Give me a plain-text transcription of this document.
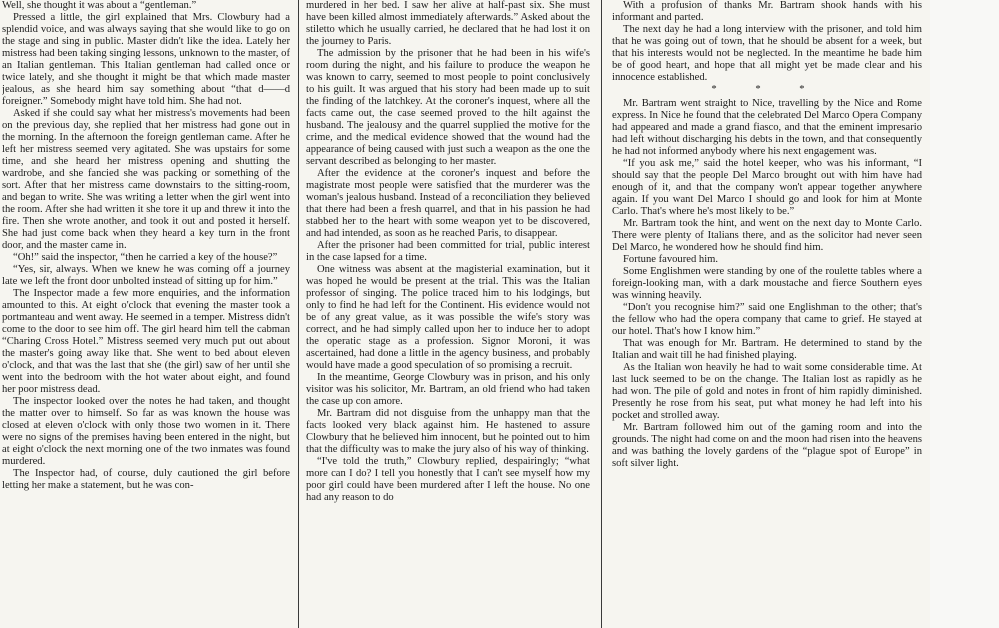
Well, she thought it was about a “gentleman.”

Pressed a little, the girl explained that Mrs. Clowbury had a splendid voice, and was always saying that she would like to go on the stage and sing in public. Master didn't like the idea. Lately her mistress had been taking singing lessons, unknown to the master, of an Italian gentleman. This Italian gentleman had called once or twice lately, and she thought it might be that which made master jealous, as she heard him say something about “that d——d foreigner.” Somebody might have told him. She had not.

Asked if she could say what her mistress's movements had been on the previous day, she replied that her mistress had gone out in the morning. In the afternoon the foreign gentleman came. After he left her mistress seemed very agitated. She was upstairs for some time, and she heard her mistress opening and shutting the wardrobe, and she fancied she was packing or something of the sort. After that her mistress came downstairs to the sitting-room, and began to write. She was writing a letter when the girl went into the room. After she had written it she tore it up and threw it into the fire. Then she wrote another, and took it out and posted it herself. She had just come back when they heard a key turn in the front door, and the master came in.

“Oh!” said the inspector, “then he carried a key of the house?”

“Yes, sir, always. When we knew he was coming off a journey late we left the front door unbolted instead of sitting up for him.”

The Inspector made a few more enquiries, and the information amounted to this. At eight o'clock that evening the master took a portmanteau and went away. He seemed in a temper. Mistress didn't come to the door to see him off. The girl heard him tell the cabman “Charing Cross Hotel.” Mistress seemed very much put out about the master's going away like that. She went to bed about eleven o'clock, and that was the last that she (the girl) saw of her until she went into the bedroom with the hot water about eight, and found her poor mistress dead.

The inspector looked over the notes he had taken, and thought the matter over to himself. So far as was known the house was closed at eleven o'clock with only those two women in it. There were no signs of the premises having been entered in the night, but at eight o'clock the next morning one of the two inmates was found murdered.

The Inspector had, of course, duly cautioned the girl before letting her make a statement, but he was con-

murdered in her bed. I saw her alive at half-past six. She must have been killed almost immediately afterwards.” Asked about the stiletto which he usually carried, he declared that he had lost it on the journey to Paris.

The admission by the prisoner that he had been in his wife's room during the night, and his failure to produce the weapon he was known to carry, seemed to most people to point conclusively to his guilt. It was argued that his story had been made up to suit the finding of the latchkey. At the coroner's inquest, where all the facts came out, the case seemed proved to the hilt against the husband. The jealousy and the quarrel supplied the motive for the crime, and the medical evidence showed that the wound had the appearance of being caused with just such a weapon as the one the servant described as belonging to her master.

After the evidence at the coroner's inquest and before the magistrate most people were satisfied that the murderer was the woman's jealous husband. Instead of a reconciliation they believed that there had been a fresh quarrel, and that in his passion he had stabbed her to the heart with some weapon yet to be discovered, and had intended, as soon as he reached Paris, to disappear.

After the prisoner had been committed for trial, public interest in the case lapsed for a time.

One witness was absent at the magisterial examination, but it was hoped he would be present at the trial. This was the Italian professor of singing. The police traced him to his lodgings, but only to find he had left for the Continent. His evidence would not be of any great value, as it was possible the wife's story was correct, and he had simply called upon her to induce her to adopt the operatic stage as a profession. Signor Moroni, it was ascertained, had done a little in the agency business, and probably would have made a good speculation of so promising a recruit.

In the meantime, George Clowbury was in prison, and his only visitor was his solicitor, Mr. Bartram, an old friend who had taken the case up con amore.

Mr. Bartram did not disguise from the unhappy man that the facts looked very black against him. He hastened to assure Clowbury that he believed him innocent, but he pointed out to him that the difficulty was to make the jury also of his way of thinking.

“I've told the truth,” Clowbury replied, despairingly; “what more can I do? I tell you honestly that I can't see myself how my poor girl could have been murdered after I left the house. No one had any reason to do

With a profusion of thanks Mr. Bartram shook hands with his informant and parted.

The next day he had a long interview with the prisoner, and told him that he was going out of town, that he should be absent for a week, but that his interests would not be neglected. In the meantime he bade him be of good heart, and hope that all might yet be made clear and his innocence established.

* * *

Mr. Bartram went straight to Nice, travelling by the Nice and Rome express. In Nice he found that the celebrated Del Marco Opera Company had appeared and made a grand fiasco, and that the eminent impresario had left without discharging his debts in the town, and that consequently he had not informed anybody where his next engagement was.

“If you ask me,” said the hotel keeper, who was his informant, “I should say that the people Del Marco brought out with him have had enough of it, and that the company won't appear together anywhere again. If you want Del Marco I should go and look for him at Monte Carlo. That's where he's most likely to be.”

Mr. Bartram took the hint, and went on the next day to Monte Carlo. There were plenty of Italians there, and as the solicitor had never seen Del Marco, he wondered how he should find him.

Fortune favoured him.

Some Englishmen were standing by one of the roulette tables where a foreign-looking man, with a dark moustache and fierce Southern eyes was winning heavily.

“Don't you recognise him?” said one Englishman to the other; that's the fellow who had the opera company that came to grief. He stayed at our hotel. That's how I know him.”

That was enough for Mr. Bartram. He determined to stand by the Italian and wait till he had finished playing.

As the Italian won heavily he had to wait some considerable time. At last luck seemed to be on the change. The Italian lost as rapidly as he had won. The pile of gold and notes in front of him rapidly diminished. Presently he rose from his seat, put what money he had left into his pocket and strolled away.

Mr. Bartram followed him out of the gaming room and into the grounds. The night had come on and the moon had risen into the heavens and was bathing the lovely gardens of the “plague spot of Europe” in soft silver light.
